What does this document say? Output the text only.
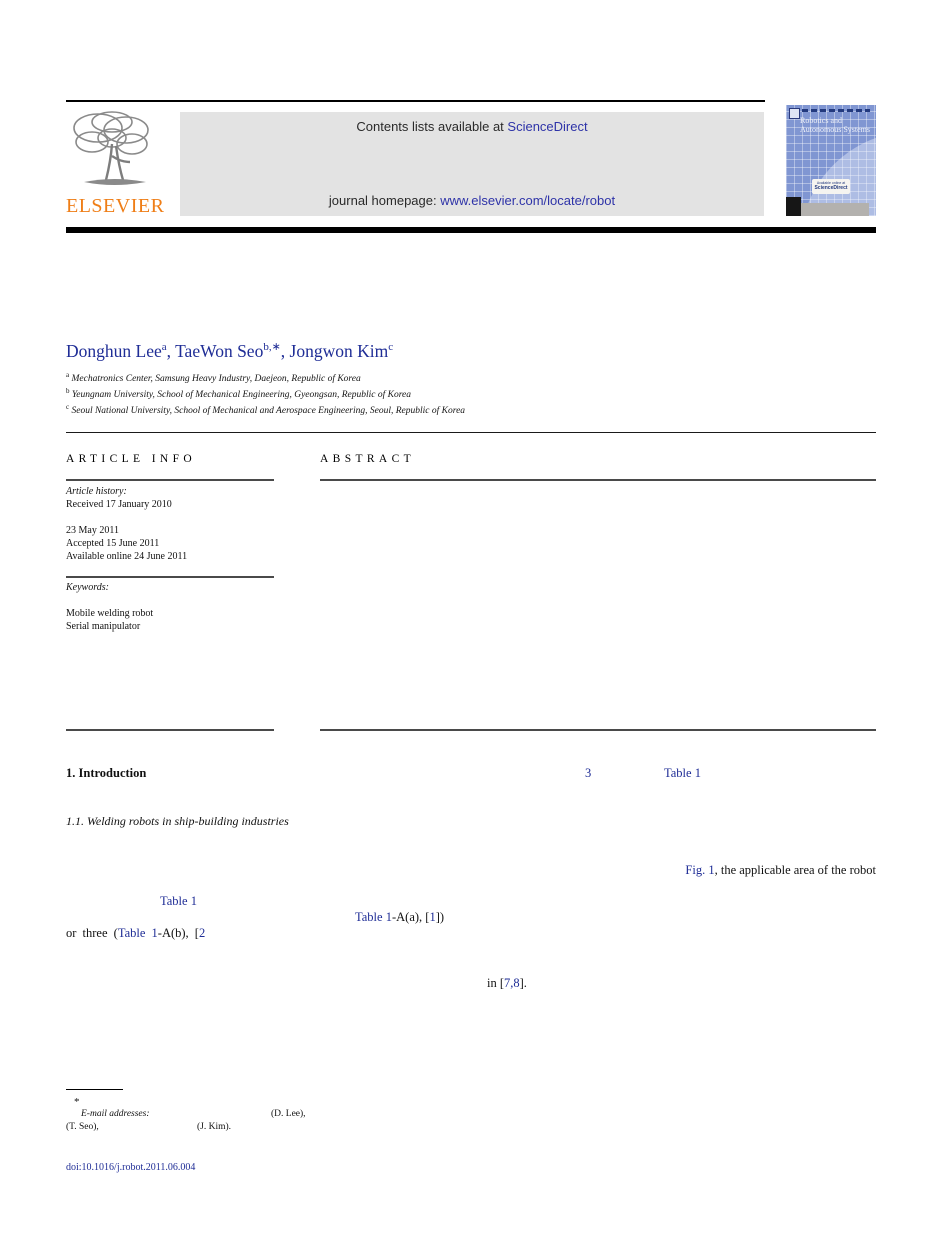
ELSEVIER
Contents lists available at ScienceDirect
journal homepage: www.elsevier.com/locate/robot
Robotics and
Autonomous Systems
Available online at
ScienceDirect
Donghun Lee$^a$, TaeWon Seo$^{b,∗}$, Jongwon Kim$^c$
$^a$ Mechatronics Center, Samsung Heavy Industry, Daejeon, Republic of Korea
$^b$ Yeungnam University, School of Mechanical Engineering, Gyeongsan, Republic of Korea
$^c$ Seoul National University, School of Mechanical and Aerospace Engineering, Seoul, Republic of Korea
ARTICLE INFO
Article history:
Received 17 January 2010
23 May 2011
Accepted 15 June 2011
Available online 24 June 2011
Keywords:
Mobile welding robot
Serial manipulator
ABSTRACT
1. Introduction	3	Table 1
1.1. Welding robots in ship-building industries
Fig. 1, the applicable area of the robot
Table 1
Table 1-A(a), [1])
or three (Table 1-A(b), [2
in [7,8].
*
E-mail addresses:	(D. Lee),
(T. Seo),	(J. Kim).
doi:10.1016/j.robot.2011.06.004
